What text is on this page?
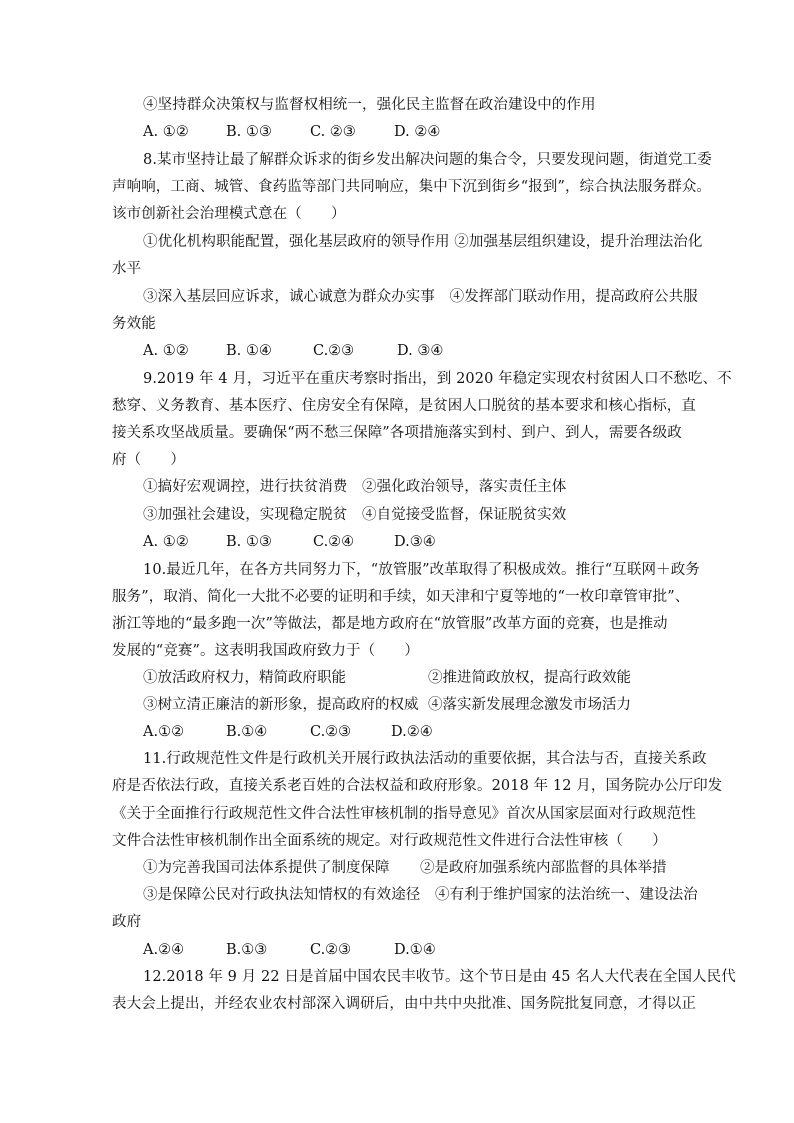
④坚持群众决策权与监督权相统一，强化民主监督在政治建设中的作用
A. ①②	B. ①③	C. ②③	D. ②④
8.某市坚持让最了解群众诉求的街乡发出解决问题的集合令，只要发现问题，街道党工委
声响响，工商、城管、食药监等部门共同响应，集中下沉到街乡“报到”，综合执法服务群众。
该市创新社会治理模式意在（　　）
①优化机构职能配置，强化基层政府的领导作用 ②加强基层组织建设，提升治理法治化
水平
③深入基层回应诉求，诚心诚意为群众办实事　④发挥部门联动作用，提高政府公共服
务效能
A. ①②	B. ①④	C.②③	D. ③④
9.2019 年 4 月，习近平在重庆考察时指出，到 2020 年稳定实现农村贫困人口不愁吃、不
愁穿、义务教育、基本医疗、住房安全有保障，是贫困人口脱贫的基本要求和核心指标，直
接关系攻坚战质量。要确保“两不愁三保障”各项措施落实到村、到户、到人，需要各级政
府（　　）
①搞好宏观调控，进行扶贫消费　②强化政治领导，落实责任主体
③加强社会建设，实现稳定脱贫　④自觉接受监督，保证脱贫实效
A. ①②	B. ①③	C.②④	D.③④
10.最近几年，在各方共同努力下，“放管服”改革取得了积极成效。推行“互联网＋政务
服务”，取消、简化一大批不必要的证明和手续，如天津和宁夏等地的“一枚印章管审批”、
浙江等地的“最多跑一次”等做法，都是地方政府在“放管服”改革方面的竞赛，也是推动
发展的“竞赛”。这表明我国政府致力于（　　）
①放活政府权力，精简政府职能	②推进简政放权，提高行政效能
③树立清正廉洁的新形象，提高政府的权威 ④落实新发展理念激发市场活力
A.①②	B.①④	C.②③	D.②④
11.行政规范性文件是行政机关开展行政执法活动的重要依据，其合法与否，直接关系政
府是否依法行政，直接关系老百姓的合法权益和政府形象。2018 年 12 月，国务院办公厅印发
《关于全面推行行政规范性文件合法性审核机制的指导意见》首次从国家层面对行政规范性
文件合法性审核机制作出全面系统的规定。对行政规范性文件进行合法性审核（　　）
①为完善我国司法体系提供了制度保障 ②是政府加强系统内部监督的具体举措
③是保障公民对行政执法知情权的有效途径　④有利于维护国家的法治统一、建设法治
政府
A.②④	B.①③	C.②③	D.①④
12.2018 年 9 月 22 日是首届中国农民丰收节。这个节日是由 45 名人大代表在全国人民代
表大会上提出，并经农业农村部深入调研后，由中共中央批准、国务院批复同意，才得以正
